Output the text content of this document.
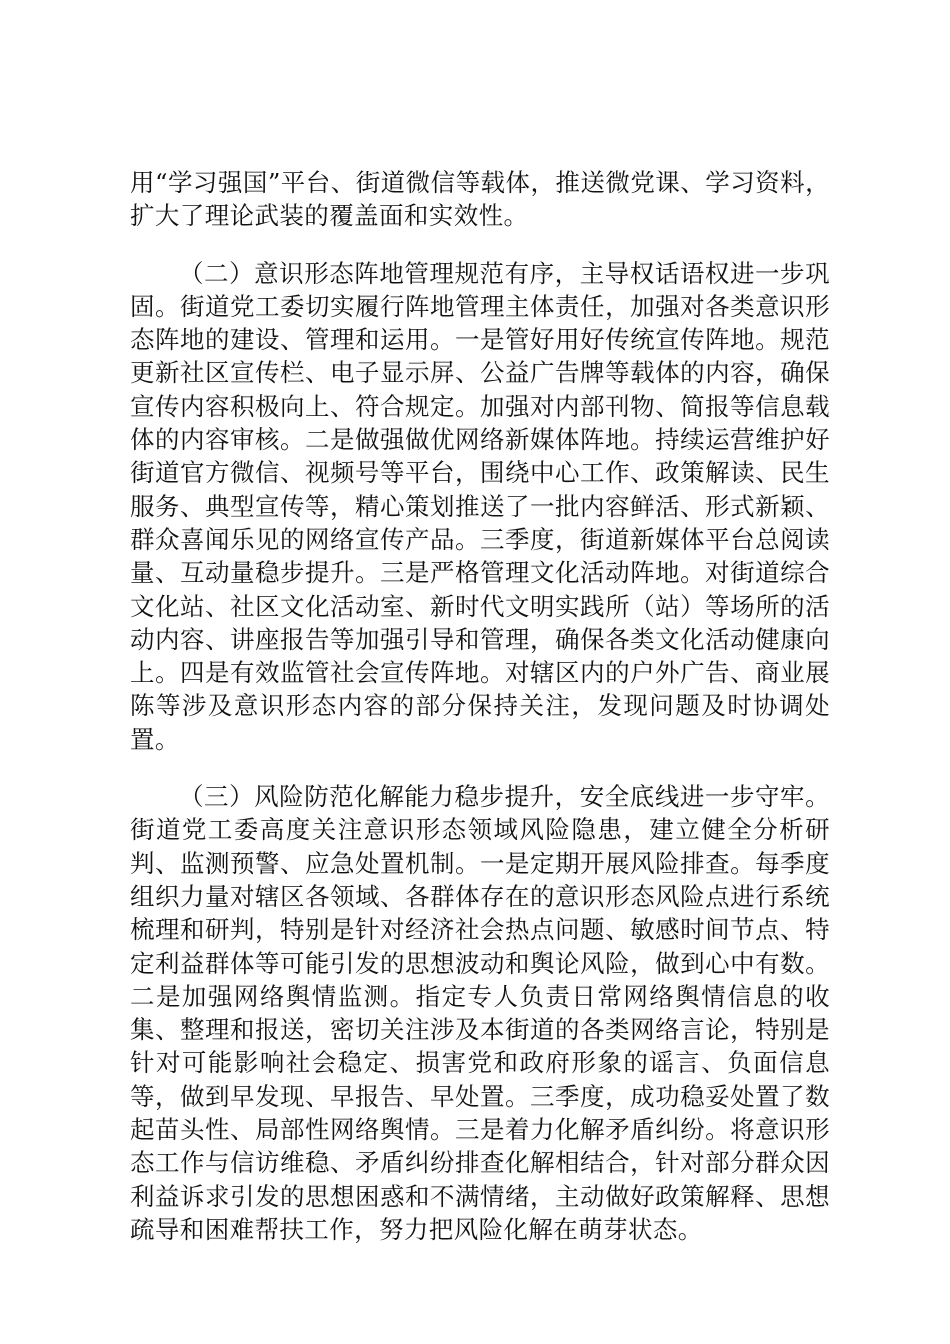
用“学习强国”平台、街道微信等载体，推送微党课、学习资料，扩大了理论武装的覆盖面和实效性。

（二）意识形态阵地管理规范有序，主导权话语权进一步巩固。街道党工委切实履行阵地管理主体责任，加强对各类意识形态阵地的建设、管理和运用。一是管好用好传统宣传阵地。规范更新社区宣传栏、电子显示屏、公益广告牌等载体的内容，确保宣传内容积极向上、符合规定。加强对内部刊物、简报等信息载体的内容审核。二是做强做优网络新媒体阵地。持续运营维护好街道官方微信、视频号等平台，围绕中心工作、政策解读、民生服务、典型宣传等，精心策划推送了一批内容鲜活、形式新颖、群众喜闻乐见的网络宣传产品。三季度，街道新媒体平台总阅读量、互动量稳步提升。三是严格管理文化活动阵地。对街道综合文化站、社区文化活动室、新时代文明实践所（站）等场所的活动内容、讲座报告等加强引导和管理，确保各类文化活动健康向上。四是有效监管社会宣传阵地。对辖区内的户外广告、商业展陈等涉及意识形态内容的部分保持关注，发现问题及时协调处置。

（三）风险防范化解能力稳步提升，安全底线进一步守牢。街道党工委高度关注意识形态领域风险隐患，建立健全分析研判、监测预警、应急处置机制。一是定期开展风险排查。每季度组织力量对辖区各领域、各群体存在的意识形态风险点进行系统梳理和研判，特别是针对经济社会热点问题、敏感时间节点、特定利益群体等可能引发的思想波动和舆论风险，做到心中有数。二是加强网络舆情监测。指定专人负责日常网络舆情信息的收集、整理和报送，密切关注涉及本街道的各类网络言论，特别是针对可能影响社会稳定、损害党和政府形象的谣言、负面信息等，做到早发现、早报告、早处置。三季度，成功稳妥处置了数起苗头性、局部性网络舆情。三是着力化解矛盾纠纷。将意识形态工作与信访维稳、矛盾纠纷排查化解相结合，针对部分群众因利益诉求引发的思想困惑和不满情绪，主动做好政策解释、思想疏导和困难帮扶工作，努力把风险化解在萌芽状态。
